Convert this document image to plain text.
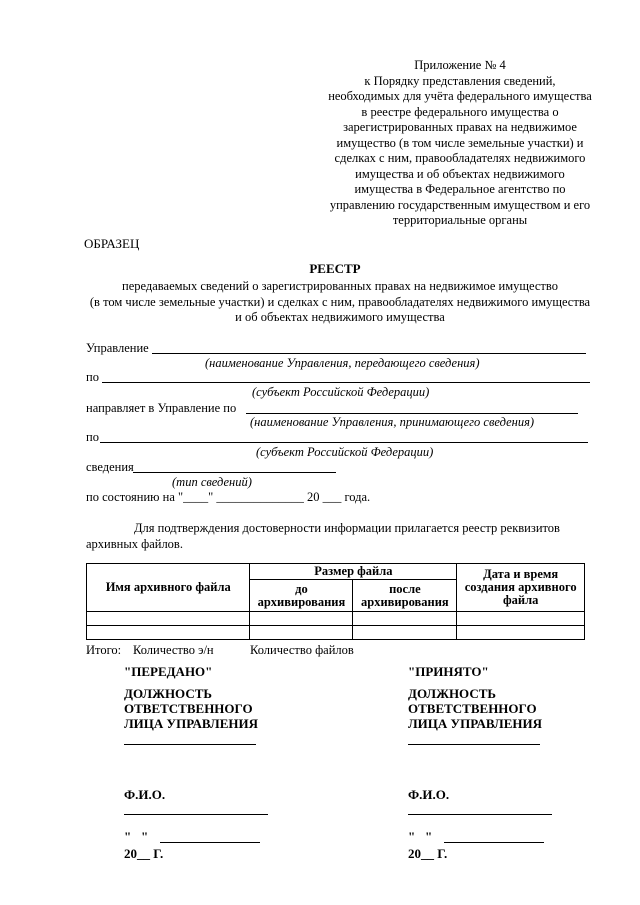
Приложение № 4
к Порядку представления сведений,
необходимых для учёта федерального имущества
в реестре федерального имущества о
зарегистрированных правах на недвижимое
имущество (в том числе земельные участки) и
сделках с ним, правообладателях недвижимого
имущества и об объектах недвижимого
имущества в Федеральное агентство по
управлению государственным имуществом и его
территориальные органы
ОБРАЗЕЦ
РЕЕСТР
передаваемых сведений о зарегистрированных правах на недвижимое имущество
(в том числе земельные участки) и сделках с ним, правообладателях недвижимого имущества
и об объектах недвижимого имущества
Управление
(наименование Управления, передающего сведения)
по
(субъект Российской Федерации)
направляет в Управление по
(наименование Управления, принимающего сведения)
по
(субъект Российской Федерации)
сведения
(тип сведений)
по состоянию на "____" ______________ 20 ___ года.
Для подтверждения достоверности информации прилагается реестр реквизитов
архивных файлов.
Имя архивного файла	Размер файла		Дата и время создания архивного файла
	до архивирования	после архивирования	

Итого: Количество э/н	Количество файлов
"ПЕРЕДАНО"
ДОЛЖНОСТЬ
ОТВЕТСТВЕННОГО
ЛИЦА УПРАВЛЕНИЯ
Ф.И.О.
"   "
20__ Г.
"ПРИНЯТО"
ДОЛЖНОСТЬ
ОТВЕТСТВЕННОГО
ЛИЦА УПРАВЛЕНИЯ
Ф.И.О.
"   "
20__ Г.
